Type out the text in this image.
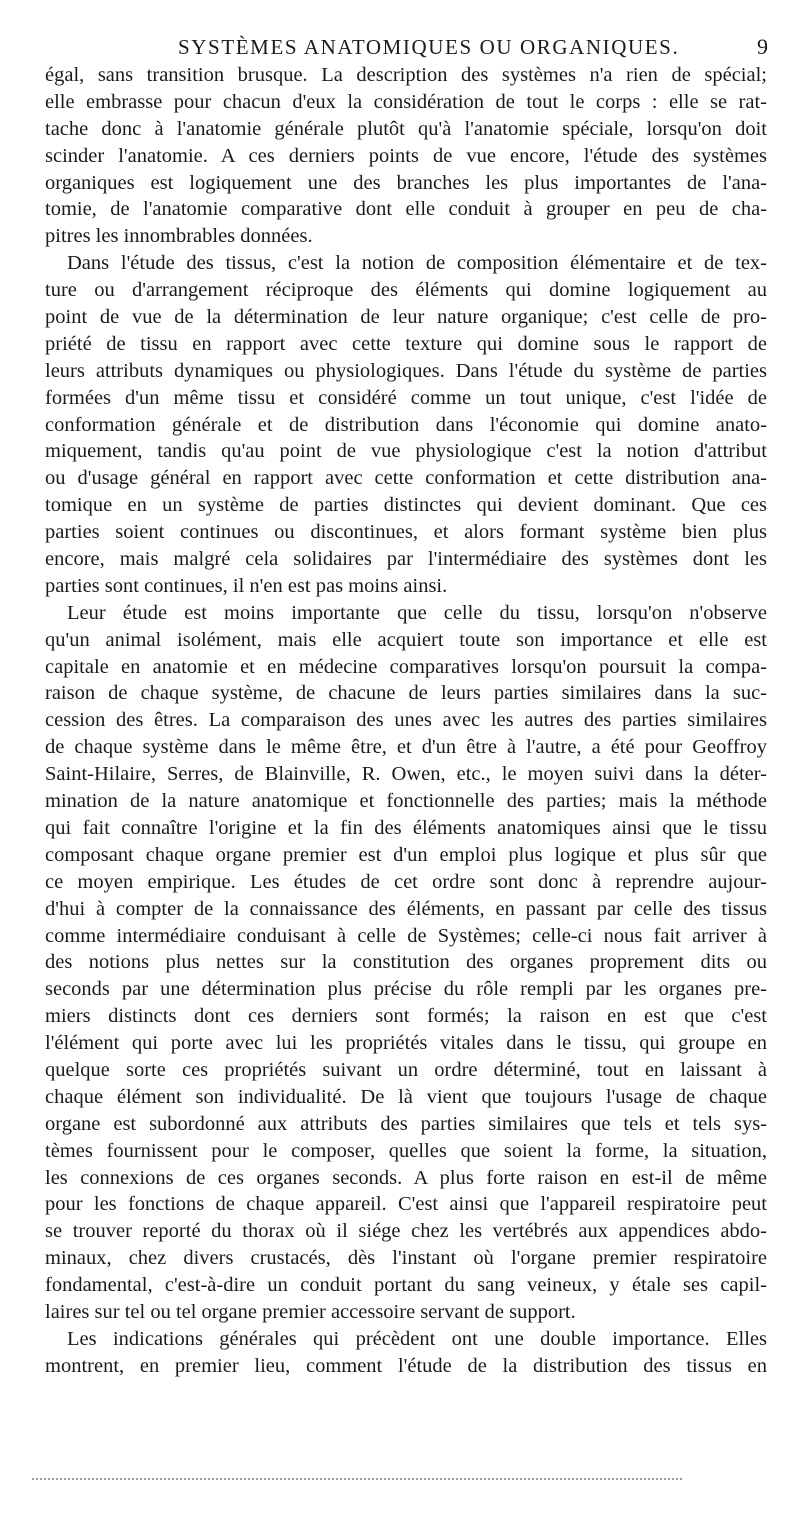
SYSTÈMES ANATOMIQUES OU ORGANIQUES.	9
égal, sans transition brusque. La description des systèmes n'a rien de spécial;
elle embrasse pour chacun d'eux la considération de tout le corps : elle se rat-
tache donc à l'anatomie générale plutôt qu'à l'anatomie spéciale, lorsqu'on doit
scinder l'anatomie. A ces derniers points de vue encore, l'étude des systèmes
organiques est logiquement une des branches les plus importantes de l'ana-
tomie, de l'anatomie comparative dont elle conduit à grouper en peu de cha-
pitres les innombrables données.
Dans l'étude des tissus, c'est la notion de composition élémentaire et de tex-
ture ou d'arrangement réciproque des éléments qui domine logiquement au
point de vue de la détermination de leur nature organique; c'est celle de pro-
priété de tissu en rapport avec cette texture qui domine sous le rapport de
leurs attributs dynamiques ou physiologiques. Dans l'étude du système de parties
formées d'un même tissu et considéré comme un tout unique, c'est l'idée de
conformation générale et de distribution dans l'économie qui domine anato-
miquement, tandis qu'au point de vue physiologique c'est la notion d'attribut
ou d'usage général en rapport avec cette conformation et cette distribution ana-
tomique en un système de parties distinctes qui devient dominant. Que ces
parties soient continues ou discontinues, et alors formant système bien plus
encore, mais malgré cela solidaires par l'intermédiaire des systèmes dont les
parties sont continues, il n'en est pas moins ainsi.
Leur étude est moins importante que celle du tissu, lorsqu'on n'observe
qu'un animal isolément, mais elle acquiert toute son importance et elle est
capitale en anatomie et en médecine comparatives lorsqu'on poursuit la compa-
raison de chaque système, de chacune de leurs parties similaires dans la suc-
cession des êtres. La comparaison des unes avec les autres des parties similaires
de chaque système dans le même être, et d'un être à l'autre, a été pour Geoffroy
Saint-Hilaire, Serres, de Blainville, R. Owen, etc., le moyen suivi dans la déter-
mination de la nature anatomique et fonctionnelle des parties; mais la méthode
qui fait connaître l'origine et la fin des éléments anatomiques ainsi que le tissu
composant chaque organe premier est d'un emploi plus logique et plus sûr que
ce moyen empirique. Les études de cet ordre sont donc à reprendre aujour-
d'hui à compter de la connaissance des éléments, en passant par celle des tissus
comme intermédiaire conduisant à celle de Systèmes; celle-ci nous fait arriver à
des notions plus nettes sur la constitution des organes proprement dits ou
seconds par une détermination plus précise du rôle rempli par les organes pre-
miers distincts dont ces derniers sont formés; la raison en est que c'est
l'élément qui porte avec lui les propriétés vitales dans le tissu, qui groupe en
quelque sorte ces propriétés suivant un ordre déterminé, tout en laissant à
chaque élément son individualité. De là vient que toujours l'usage de chaque
organe est subordonné aux attributs des parties similaires que tels et tels sys-
tèmes fournissent pour le composer, quelles que soient la forme, la situation,
les connexions de ces organes seconds. A plus forte raison en est-il de même
pour les fonctions de chaque appareil. C'est ainsi que l'appareil respiratoire peut
se trouver reporté du thorax où il siége chez les vertébrés aux appendices abdo-
minaux, chez divers crustacés, dès l'instant où l'organe premier respiratoire
fondamental, c'est-à-dire un conduit portant du sang veineux, y étale ses capil-
laires sur tel ou tel organe premier accessoire servant de support.
Les indications générales qui précèdent ont une double importance. Elles
montrent, en premier lieu, comment l'étude de la distribution des tissus en
